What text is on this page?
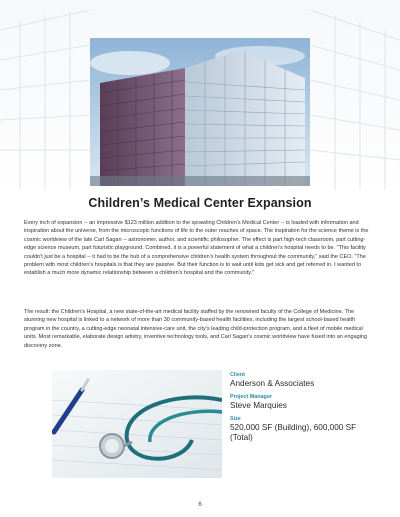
Children’s Medical Center Expansion

Every inch of expansion -- an impressive $123 million addition to the sprawling Children’s Medical Center -- is loaded with information and inspiration about the universe, from the microscopic functions of life to the outer reaches of space. The inspiration for the science theme is the cosmic worldview of the late Carl Sagan -- astronomer, author, and scientific philosopher. The effect is part high-tech classroom, part cutting-edge science museum, part futuristic playground. Combined, it is a powerful statement of what a children’s hospital needs to be. "This facility couldn't just be a hospital -- it had to be the hub of a comprehensive children's health system throughout the community," said the CEO. "The problem with most children's hospitals is that they are passive. But their function is to wait until kids get sick and get referred in. I wanted to establish a much more dynamic relationship between a children's hospital and the community."

The result: the Children's Hospital, a new state-of-the-art medical facility staffed by the renowned faculty of the College of Medicine. The stunning new hospital is linked to a network of more than 30 community-based health facilities, including the largest school-based health program in the country, a cutting-edge neonatal intensive-care unit, the city's leading child-protection program, and a fleet of mobile medical units. Most remarkable, elaborate design artistry, inventive technology tools, and Carl Sagan's cosmic worldview have fused into an engaging discovery zone.

Client

Anderson & Associates

Project Manager

Steve Marquies

Size

520,000 SF (Building), 600,000 SF (Total)

6
